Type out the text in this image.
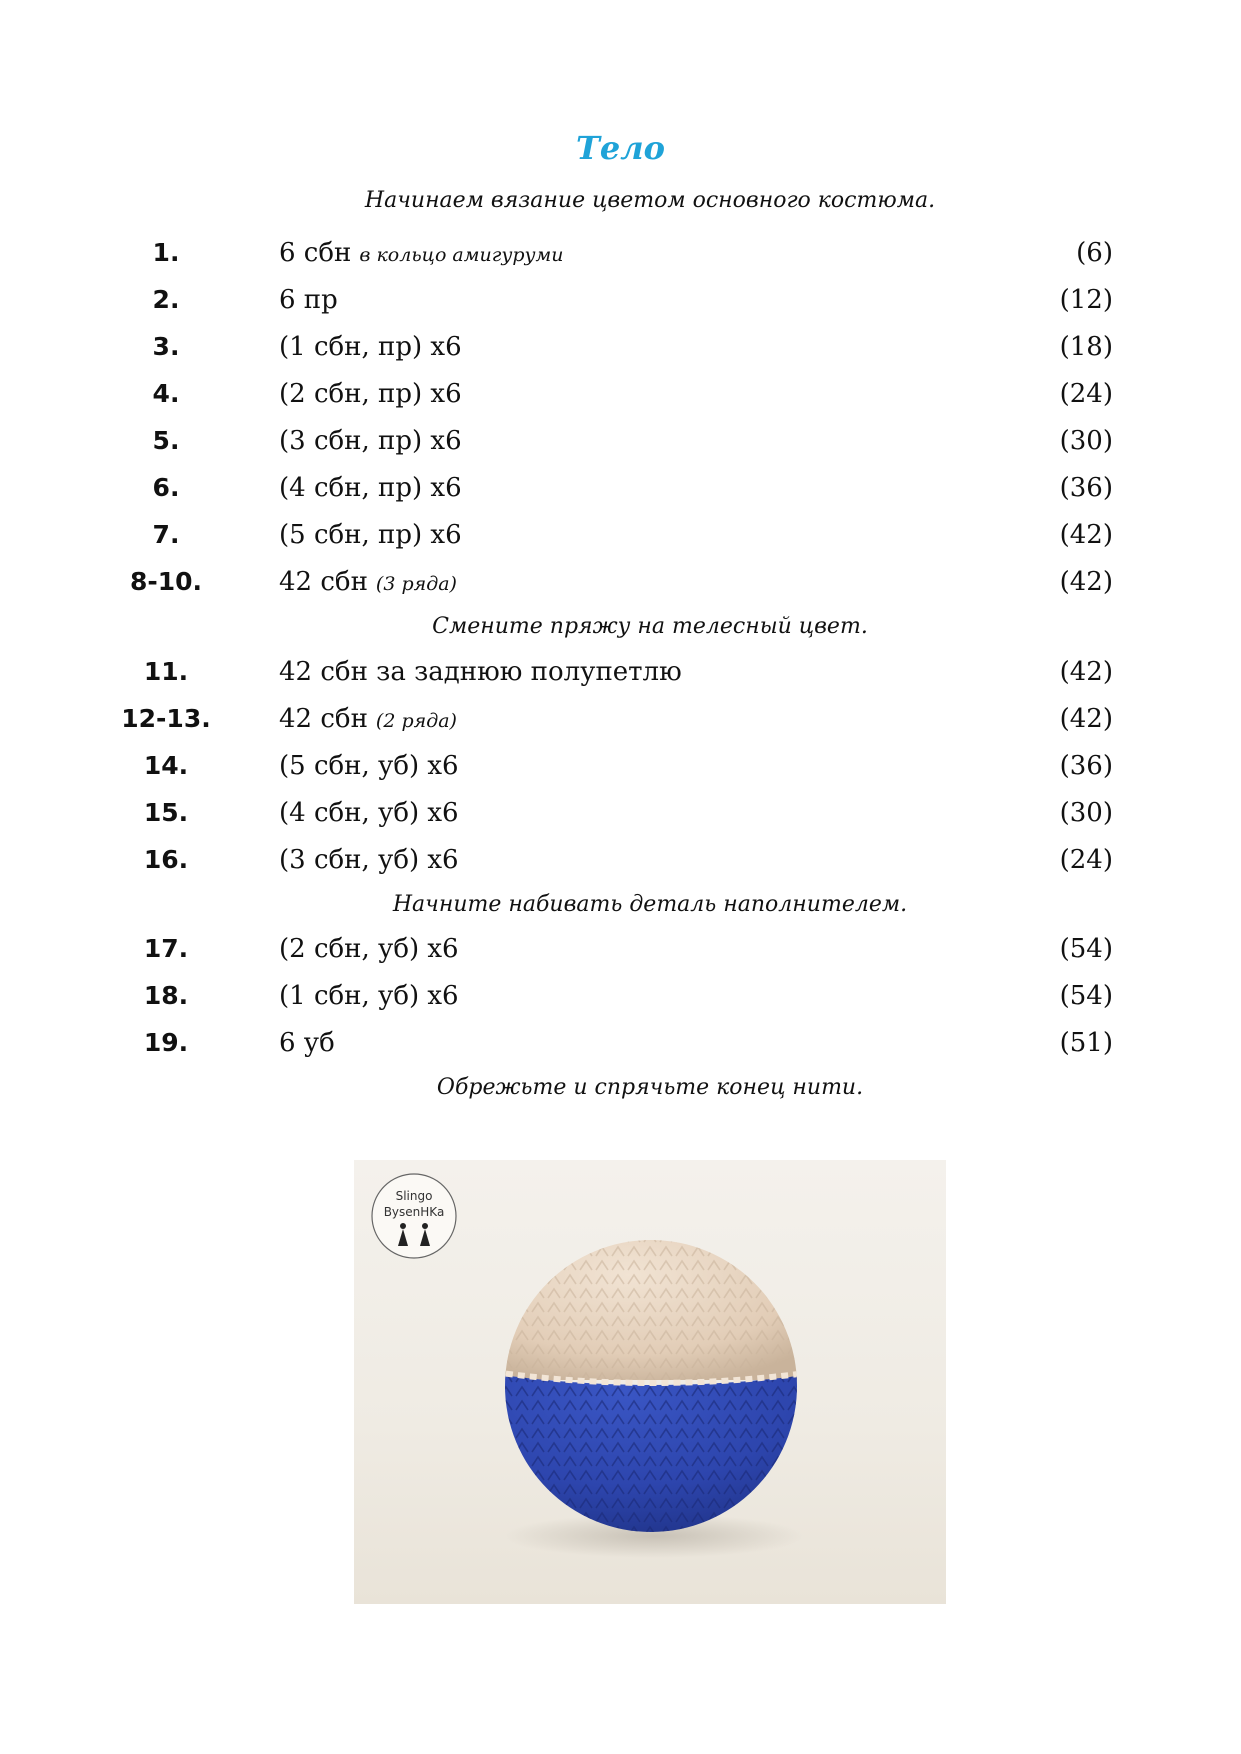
Тело
Начинаем вязание цветом основного костюма.
1.	6 сбн в кольцо амигуруми	(6)
2.	6 пр	(12)
3.	(1 сбн, пр) х6	(18)
4.	(2 сбн, пр) х6	(24)
5.	(3 сбн, пр) х6	(30)
6.	(4 сбн, пр) х6	(36)
7.	(5 сбн, пр) х6	(42)
8-10.	42 сбн (3 ряда)	(42)
Смените пряжу на телесный цвет.
11.	42 сбн за заднюю полупетлю	(42)
12-13.	42 сбн (2 ряда)	(42)
14.	(5 сбн, уб) х6	(36)
15.	(4 сбн, уб) х6	(30)
16.	(3 сбн, уб) х6	(24)
Начните набивать деталь наполнителем.
17.	(2 сбн, уб) х6	(54)
18.	(1 сбн, уб) х6	(54)
19.	6 уб	(51)
Обрежьте и спрячьте конец нити.
Slingo
BysenHKa
